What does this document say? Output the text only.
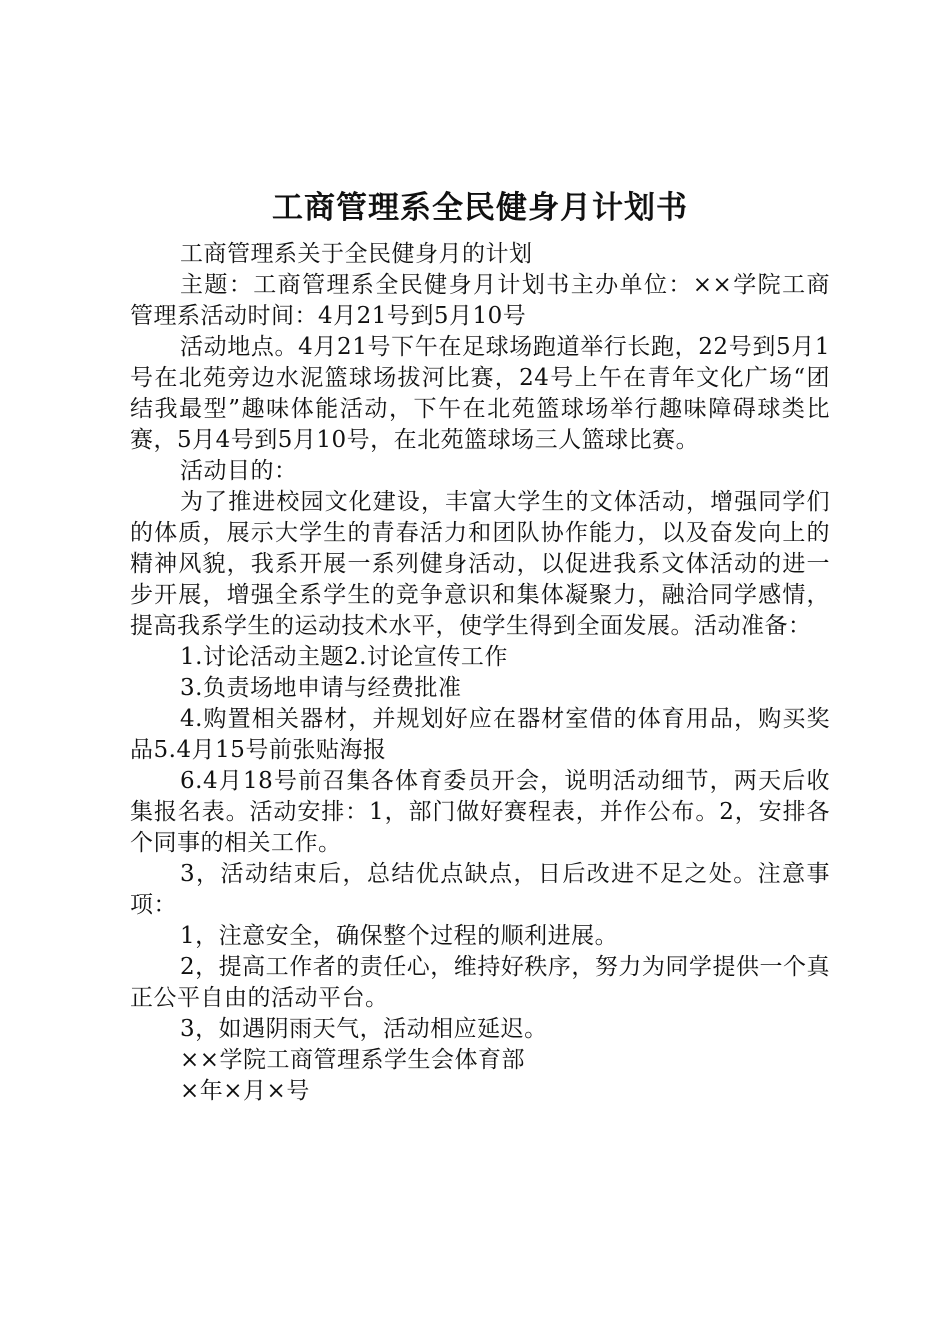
工商管理系全民健身月计划书

工商管理系关于全民健身月的计划

主题：工商管理系全民健身月计划书主办单位：××学院工商管理系活动时间：4月21号到5月10号

活动地点。4月21号下午在足球场跑道举行长跑，22号到5月1号在北苑旁边水泥篮球场拔河比赛，24号上午在青年文化广场“团结我最型”趣味体能活动，下午在北苑篮球场举行趣味障碍球类比赛，5月4号到5月10号，在北苑篮球场三人篮球比赛。

活动目的：

为了推进校园文化建设，丰富大学生的文体活动，增强同学们的体质，展示大学生的青春活力和团队协作能力，以及奋发向上的精神风貌，我系开展一系列健身活动，以促进我系文体活动的进一步开展，增强全系学生的竞争意识和集体凝聚力，融洽同学感情，提高我系学生的运动技术水平，使学生得到全面发展。活动准备：

1.讨论活动主题2.讨论宣传工作

3.负责场地申请与经费批准

4.购置相关器材，并规划好应在器材室借的体育用品，购买奖品5.4月15号前张贴海报

6.4月18号前召集各体育委员开会，说明活动细节，两天后收集报名表。活动安排：1，部门做好赛程表，并作公布。2，安排各个同事的相关工作。

3，活动结束后，总结优点缺点，日后改进不足之处。注意事项：

1，注意安全，确保整个过程的顺利进展。

2，提高工作者的责任心，维持好秩序，努力为同学提供一个真正公平自由的活动平台。

3，如遇阴雨天气，活动相应延迟。

××学院工商管理系学生会体育部

×年×月×号
